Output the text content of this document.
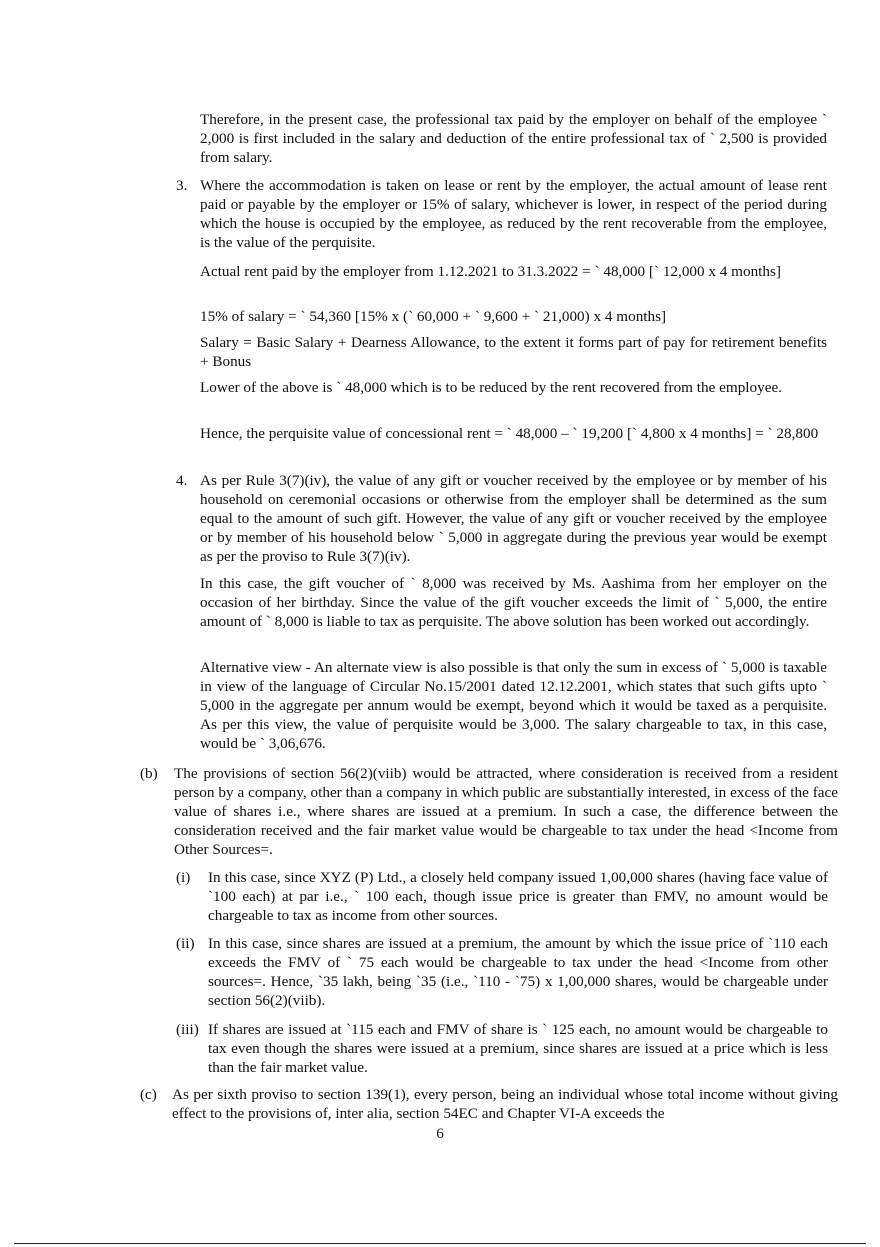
Therefore, in the present case, the professional tax paid by the employer on behalf of the employee ` 2,000 is first included in the salary and deduction of the entire professional tax of ` 2,500 is provided from salary.

3. Where the accommodation is taken on lease or rent by the employer, the actual amount of lease rent paid or payable by the employer or 15% of salary, whichever is lower, in respect of the period during which the house is occupied by the employee, as reduced by the rent recoverable from the employee, is the value of the perquisite.

Actual rent paid by the employer from 1.12.2021 to 31.3.2022 = ` 48,000 [` 12,000 x 4 months]

15% of salary = ` 54,360 [15% x (` 60,000 + ` 9,600 + ` 21,000) x 4 months]

Salary = Basic Salary + Dearness Allowance, to the extent it forms part of pay for retirement benefits + Bonus

Lower of the above is ` 48,000 which is to be reduced by the rent recovered from the employee.

Hence, the perquisite value of concessional rent = ` 48,000 – ` 19,200 [` 4,800 x 4 months] = ` 28,800

4. As per Rule 3(7)(iv), the value of any gift or voucher received by the employee or by member of his household on ceremonial occasions or otherwise from the employer shall be determined as the sum equal to the amount of such gift. However, the value of any gift or voucher received by the employee or by member of his household below ` 5,000 in aggregate during the previous year would be exempt as per the proviso to Rule 3(7)(iv).

In this case, the gift voucher of ` 8,000 was received by Ms. Aashima from her employer on the occasion of her birthday. Since the value of the gift voucher exceeds the limit of ` 5,000, the entire amount of ` 8,000 is liable to tax as perquisite. The above solution has been worked out accordingly.

Alternative view - An alternate view is also possible is that only the sum in excess of ` 5,000 is taxable in view of the language of Circular No.15/2001 dated 12.12.2001, which states that such gifts upto ` 5,000 in the aggregate per annum would be exempt, beyond which it would be taxed as a perquisite. As per this view, the value of perquisite would be 3,000. The salary chargeable to tax, in this case, would be ` 3,06,676.

(b) The provisions of section 56(2)(viib) would be attracted, where consideration is received from a resident person by a company, other than a company in which public are substantially interested, in excess of the face value of shares i.e., where shares are issued at a premium. In such a case, the difference between the consideration received and the fair market value would be chargeable to tax under the head <Income from Other Sources=.

(i) In this case, since XYZ (P) Ltd., a closely held company issued 1,00,000 shares (having face value of `100 each) at par i.e., ` 100 each, though issue price is greater than FMV, no amount would be chargeable to tax as income from other sources.

(ii) In this case, since shares are issued at a premium, the amount by which the issue price of `110 each exceeds the FMV of ` 75 each would be chargeable to tax under the head <Income from other sources=. Hence, `35 lakh, being `35 (i.e., `110 - `75) x 1,00,000 shares, would be chargeable under section 56(2)(viib).

(iii) If shares are issued at `115 each and FMV of share is ` 125 each, no amount would be chargeable to tax even though the shares were issued at a premium, since shares are issued at a price which is less than the fair market value.

(c) As per sixth proviso to section 139(1), every person, being an individual whose total income without giving effect to the provisions of, inter alia, section 54EC and Chapter VI-A exceeds the

6
